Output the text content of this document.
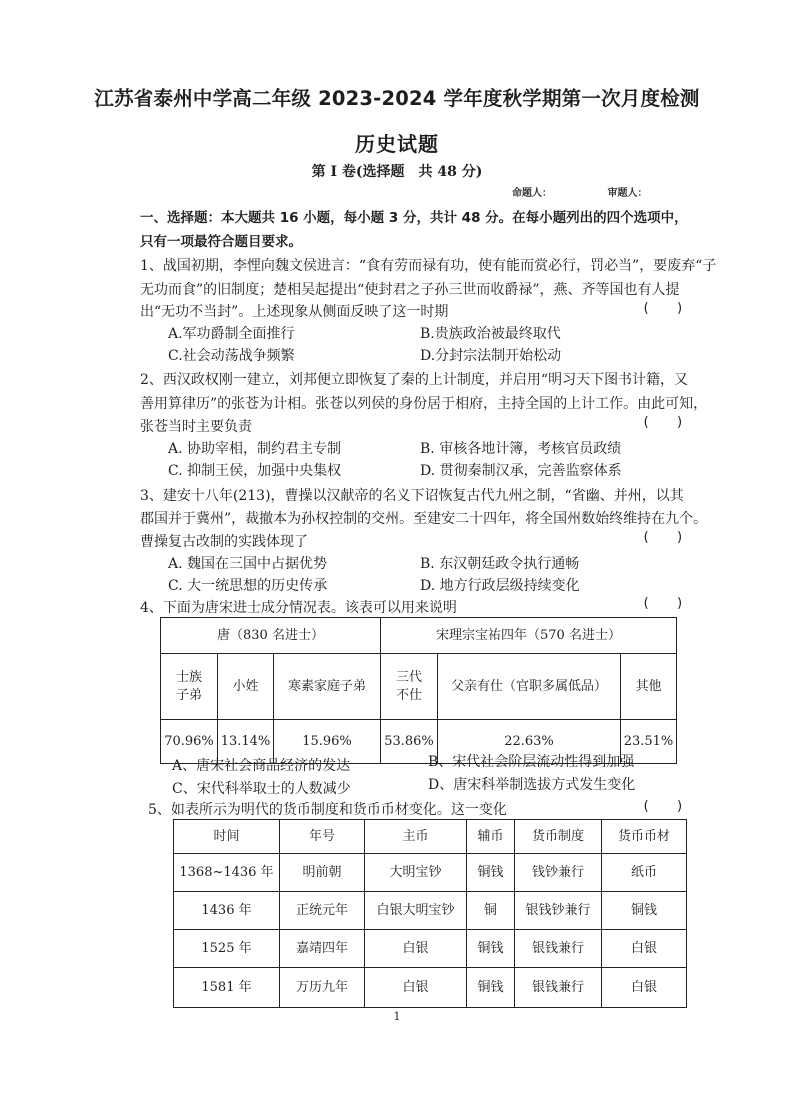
江苏省泰州中学高二年级 2023-2024 学年度秋学期第一次月度检测
历史试题
第 I 卷(选择题　共 48 分)
命题人：	审题人：
一、选择题：本大题共 16 小题，每小题 3 分，共计 48 分。在每小题列出的四个选项中，
只有一项最符合题目要求。
1、战国初期，李悝向魏文侯进言：“食有劳而禄有功，使有能而赏必行，罚必当”，要废弃“子
无功而食”的旧制度；楚相吴起提出“使封君之子孙三世而收爵禄”，燕、齐等国也有人提
出“无功不当封”。上述现象从侧面反映了这一时期	(　　)
A.军功爵制全面推行	B.贵族政治被最终取代
C.社会动荡战争频繁	D.分封宗法制开始松动
2、西汉政权刚一建立，刘邦便立即恢复了秦的上计制度，并启用“明习天下图书计籍，又
善用算律历”的张苍为计相。张苍以列侯的身份居于相府，主持全国的上计工作。由此可知，
张苍当时主要负责	(　　)
A. 协助宰相，制约君主专制	B. 审核各地计簿，考核官员政绩
C. 抑制王侯，加强中央集权	D. 贯彻秦制汉承，完善监察体系
3、建安十八年(213)，曹操以汉献帝的名义下诏恢复古代九州之制，“省幽、并州，以其
郡国并于冀州”，裁撤本为孙权控制的交州。至建安二十四年，将全国州数始终维持在九个。
曹操复古改制的实践体现了	(　　)
A. 魏国在三国中占据优势	B. 东汉朝廷政令执行通畅
C. 大一统思想的历史传承	D. 地方行政层级持续变化
4、下面为唐宋进士成分情况表。该表可以用来说明	(　　)
唐（830 名进士）			宋理宗宝祐四年（570 名进士）		
士族
子弟	小姓	寒素家庭子弟	三代
不仕	父亲有仕（官职多属低品）	其他
70.96%	13.14%	15.96%	53.86%	22.63%	23.51%
A、唐宋社会商品经济的发达	B、宋代社会阶层流动性得到加强
C、宋代科举取士的人数减少	D、唐宋科举制选拔方式发生变化
5、如表所示为明代的货币制度和货币币材变化。这一变化	(　　)
时间	年号	主币	辅币	货币制度	货币币材
1368~1436 年	明前朝	大明宝钞	铜钱	钱钞兼行	纸币
1436 年	正统元年	白银大明宝钞	铜	银钱钞兼行	铜钱
1525 年	嘉靖四年	白银	铜钱	银钱兼行	白银
1581 年	万历九年	白银	铜钱	银钱兼行	白银
1
